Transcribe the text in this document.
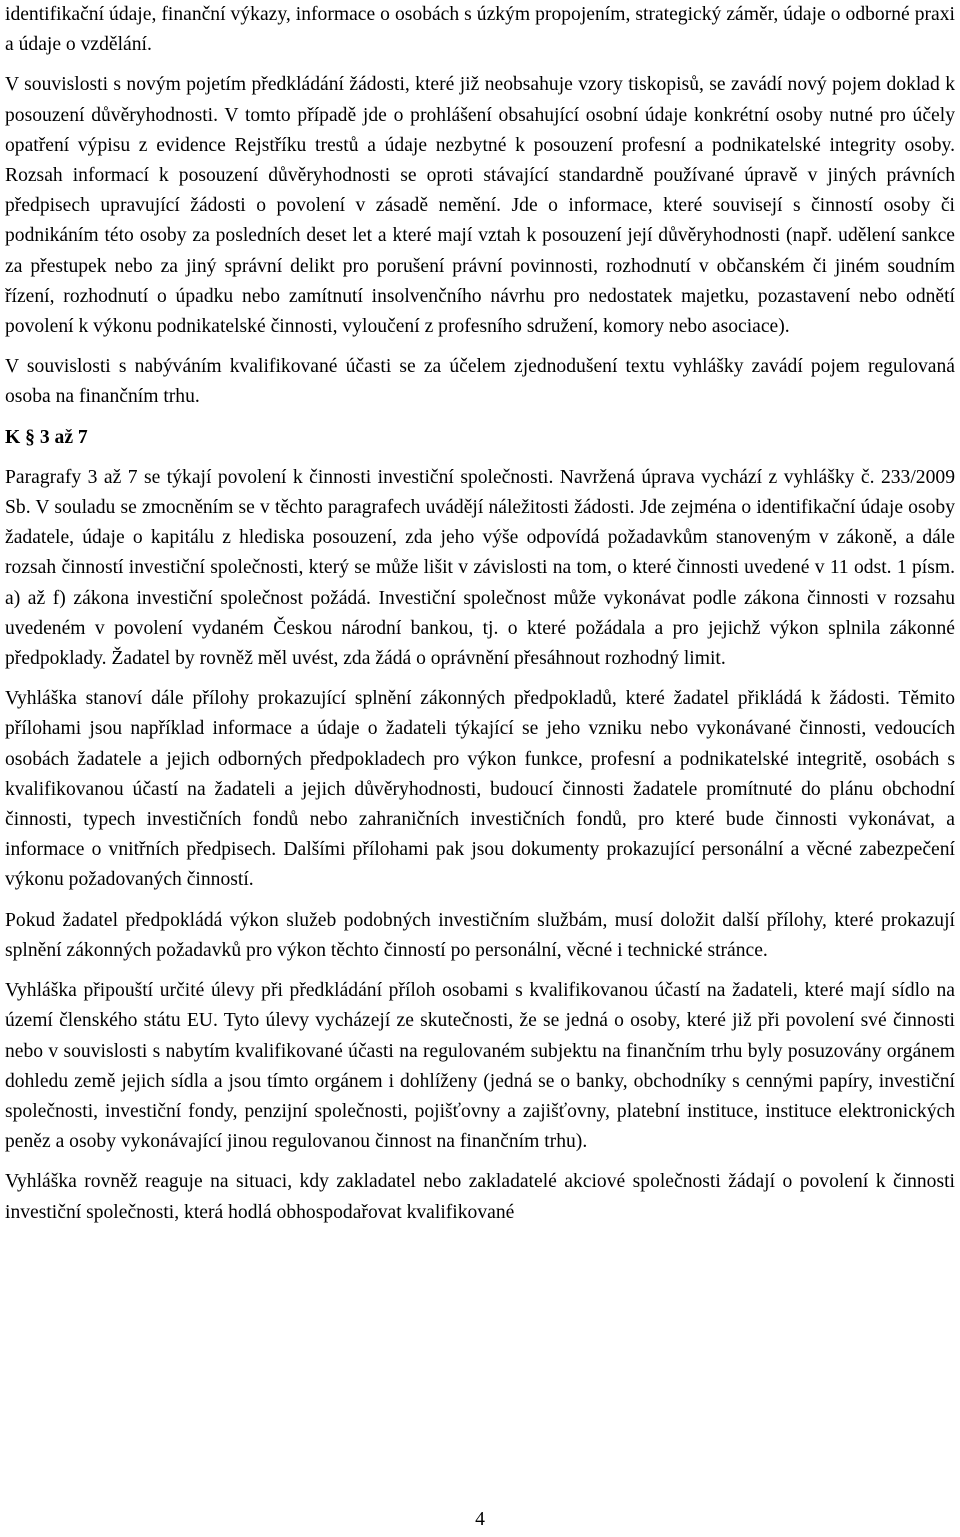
identifikační údaje, finanční výkazy, informace o osobách s úzkým propojením, strategický záměr, údaje o odborné praxi a údaje o vzdělání.

V souvislosti s novým pojetím předkládání žádosti, které již neobsahuje vzory tiskopisů, se zavádí nový pojem doklad k posouzení důvěryhodnosti. V tomto případě jde o prohlášení obsahující osobní údaje konkrétní osoby nutné pro účely opatření výpisu z evidence Rejstříku trestů a údaje nezbytné k posouzení profesní a podnikatelské integrity osoby. Rozsah informací k posouzení důvěryhodnosti se oproti stávající standardně používané úpravě v jiných právních předpisech upravující žádosti o povolení v zásadě nemění. Jde o informace, které souvisejí s činností osoby či podnikáním této osoby za posledních deset let a které mají vztah k posouzení její důvěryhodnosti (např. udělení sankce za přestupek nebo za jiný správní delikt pro porušení právní povinnosti, rozhodnutí v občanském či jiném soudním řízení, rozhodnutí o úpadku nebo zamítnutí insolvenčního návrhu pro nedostatek majetku, pozastavení nebo odnětí povolení k výkonu podnikatelské činnosti, vyloučení z profesního sdružení, komory nebo asociace).

V souvislosti s nabýváním kvalifikované účasti se za účelem zjednodušení textu vyhlášky zavádí pojem regulovaná osoba na finančním trhu.

K § 3 až 7

Paragrafy 3 až 7 se týkají povolení k činnosti investiční společnosti. Navržená úprava vychází z vyhlášky č. 233/2009 Sb. V souladu se zmocněním se v těchto paragrafech uvádějí náležitosti žádosti. Jde zejména o identifikační údaje osoby žadatele, údaje o kapitálu z hlediska posouzení, zda jeho výše odpovídá požadavkům stanoveným v zákoně, a dále rozsah činností investiční společnosti, který se může lišit v závislosti na tom, o které činnosti uvedené v 11 odst. 1 písm. a) až f) zákona investiční společnost požádá. Investiční společnost může vykonávat podle zákona činnosti v rozsahu uvedeném v povolení vydaném Českou národní bankou, tj. o které požádala a pro jejichž výkon splnila zákonné předpoklady. Žadatel by rovněž měl uvést, zda žádá o oprávnění přesáhnout rozhodný limit.

Vyhláška stanoví dále přílohy prokazující splnění zákonných předpokladů, které žadatel přikládá k žádosti. Těmito přílohami jsou například informace a údaje o žadateli týkající se jeho vzniku nebo vykonávané činnosti, vedoucích osobách žadatele a jejich odborných předpokladech pro výkon funkce, profesní a podnikatelské integritě, osobách s kvalifikovanou účastí na žadateli a jejich důvěryhodnosti, budoucí činnosti žadatele promítnuté do plánu obchodní činnosti, typech investičních fondů nebo zahraničních investičních fondů, pro které bude činnosti vykonávat, a informace o vnitřních předpisech. Dalšími přílohami pak jsou dokumenty prokazující personální a věcné zabezpečení výkonu požadovaných činností.

Pokud žadatel předpokládá výkon služeb podobných investičním službám, musí doložit další přílohy, které prokazují splnění zákonných požadavků pro výkon těchto činností po personální, věcné i technické stránce.

Vyhláška připouští určité úlevy při předkládání příloh osobami s kvalifikovanou účastí na žadateli, které mají sídlo na území členského státu EU. Tyto úlevy vycházejí ze skutečnosti, že se jedná o osoby, které již při povolení své činnosti nebo v souvislosti s nabytím kvalifikované účasti na regulovaném subjektu na finančním trhu byly posuzovány orgánem dohledu země jejich sídla a jsou tímto orgánem i dohlíženy (jedná se o banky, obchodníky s cennými papíry, investiční společnosti, investiční fondy, penzijní společnosti, pojišťovny a zajišťovny, platební instituce, instituce elektronických peněz a osoby vykonávající jinou regulovanou činnost na finančním trhu).

Vyhláška rovněž reaguje na situaci, kdy zakladatel nebo zakladatelé akciové společnosti žádají o povolení k činnosti investiční společnosti, která hodlá obhospodařovat kvalifikované

4
